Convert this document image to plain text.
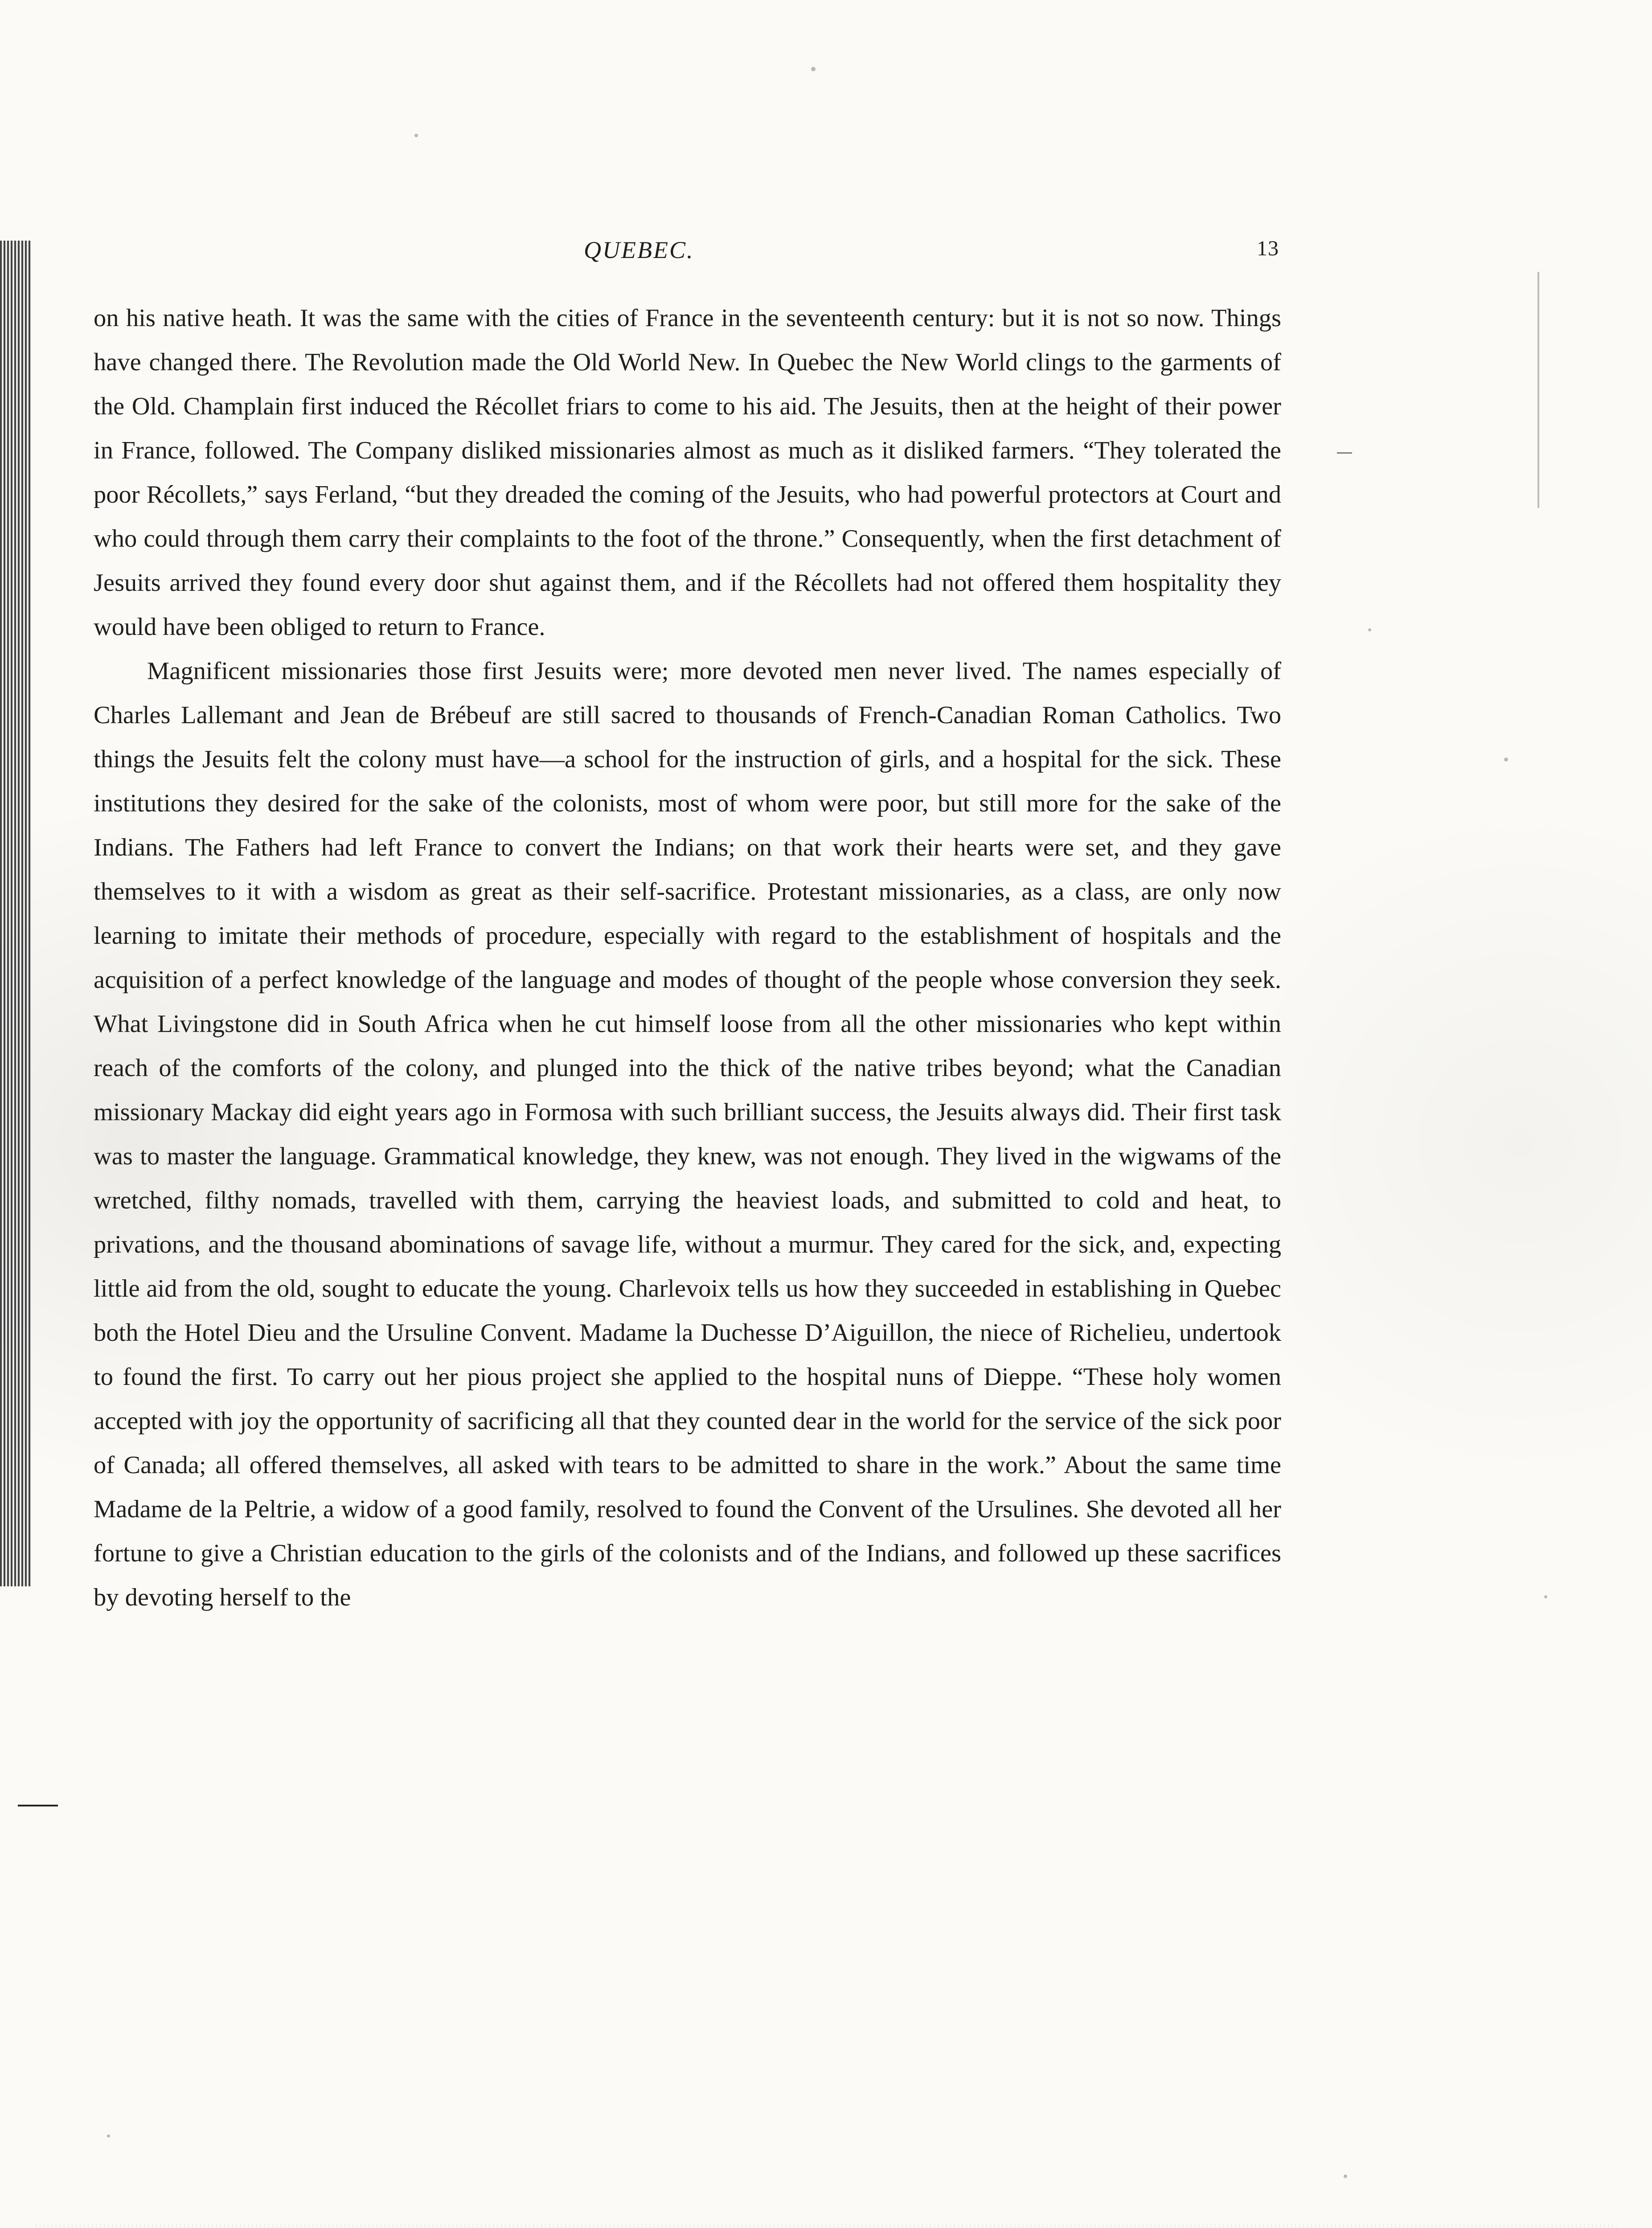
QUEBEC.	13

on his native heath. It was the same with the cities of France in the seventeenth century: but it is not so now. Things have changed there. The Revolution made the Old World New. In Quebec the New World clings to the garments of the Old. Champlain first induced the Récollet friars to come to his aid. The Jesuits, then at the height of their power in France, followed. The Company disliked missionaries almost as much as it disliked farmers. “They tolerated the poor Récollets,” says Ferland, “but they dreaded the coming of the Jesuits, who had powerful protectors at Court and who could through them carry their complaints to the foot of the throne.” Consequently, when the first detachment of Jesuits arrived they found every door shut against them, and if the Récollets had not offered them hospitality they would have been obliged to return to France.

Magnificent missionaries those first Jesuits were; more devoted men never lived. The names especially of Charles Lallemant and Jean de Brébeuf are still sacred to thousands of French-Canadian Roman Catholics. Two things the Jesuits felt the colony must have—a school for the instruction of girls, and a hospital for the sick. These institutions they desired for the sake of the colonists, most of whom were poor, but still more for the sake of the Indians. The Fathers had left France to convert the Indians; on that work their hearts were set, and they gave themselves to it with a wisdom as great as their self-sacrifice. Protestant missionaries, as a class, are only now learning to imitate their methods of procedure, especially with regard to the establishment of hospitals and the acquisition of a perfect knowledge of the language and modes of thought of the people whose conversion they seek. What Livingstone did in South Africa when he cut himself loose from all the other missionaries who kept within reach of the comforts of the colony, and plunged into the thick of the native tribes beyond; what the Canadian missionary Mackay did eight years ago in Formosa with such brilliant success, the Jesuits always did. Their first task was to master the language. Grammatical knowledge, they knew, was not enough. They lived in the wigwams of the wretched, filthy nomads, travelled with them, carrying the heaviest loads, and submitted to cold and heat, to privations, and the thousand abominations of savage life, without a murmur. They cared for the sick, and, expecting little aid from the old, sought to educate the young. Charlevoix tells us how they succeeded in establishing in Quebec both the Hotel Dieu and the Ursuline Convent. Madame la Duchesse D’Aiguillon, the niece of Richelieu, undertook to found the first. To carry out her pious project she applied to the hospital nuns of Dieppe. “These holy women accepted with joy the opportunity of sacrificing all that they counted dear in the world for the service of the sick poor of Canada; all offered themselves, all asked with tears to be admitted to share in the work.” About the same time Madame de la Peltrie, a widow of a good family, resolved to found the Convent of the Ursulines. She devoted all her fortune to give a Christian education to the girls of the colonists and of the Indians, and followed up these sacrifices by devoting herself to the
